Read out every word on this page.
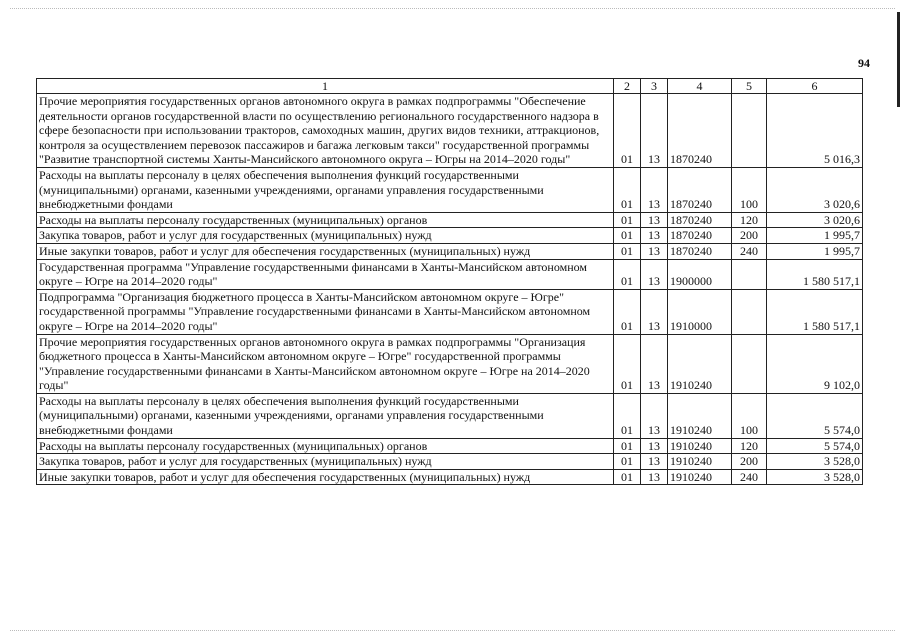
94
1	2	3	4	5	6
Прочие мероприятия государственных органов автономного округа в рамках подпрограммы "Обеспечение деятельности органов государственной власти по осуществлению регионального государственного надзора в сфере безопасности при использовании тракторов, самоходных машин, других видов техники, аттракционов, контроля за осуществлением перевозок пассажиров и багажа легковым такси" государственной программы "Развитие транспортной системы Ханты-Мансийского автономного округа – Югры на 2014–2020 годы"	01	13	1870240		5 016,3
Расходы на выплаты персоналу в целях обеспечения выполнения функций государственными (муниципальными) органами, казенными учреждениями, органами управления государственными внебюджетными фондами	01	13	1870240	100	3 020,6
Расходы на выплаты персоналу государственных (муниципальных) органов	01	13	1870240	120	3 020,6
Закупка товаров, работ и услуг для государственных (муниципальных) нужд	01	13	1870240	200	1 995,7
Иные закупки товаров, работ и услуг для обеспечения государственных (муниципальных) нужд	01	13	1870240	240	1 995,7
Государственная программа "Управление государственными финансами в Ханты-Мансийском автономном округе – Югре на 2014–2020 годы"	01	13	1900000		1 580 517,1
Подпрограмма "Организация бюджетного процесса в Ханты-Мансийском автономном округе – Югре" государственной программы "Управление государственными финансами в Ханты-Мансийском автономном округе – Югре на 2014–2020 годы"	01	13	1910000		1 580 517,1
Прочие мероприятия государственных органов автономного округа в рамках подпрограммы "Организация бюджетного процесса в Ханты-Мансийском автономном округе – Югре" государственной программы "Управление государственными финансами в Ханты-Мансийском автономном округе – Югре на 2014–2020 годы"	01	13	1910240		9 102,0
Расходы на выплаты персоналу в целях обеспечения выполнения функций государственными (муниципальными) органами, казенными учреждениями, органами управления государственными внебюджетными фондами	01	13	1910240	100	5 574,0
Расходы на выплаты персоналу государственных (муниципальных) органов	01	13	1910240	120	5 574,0
Закупка товаров, работ и услуг для государственных (муниципальных) нужд	01	13	1910240	200	3 528,0
Иные закупки товаров, работ и услуг для обеспечения государственных (муниципальных) нужд	01	13	1910240	240	3 528,0
